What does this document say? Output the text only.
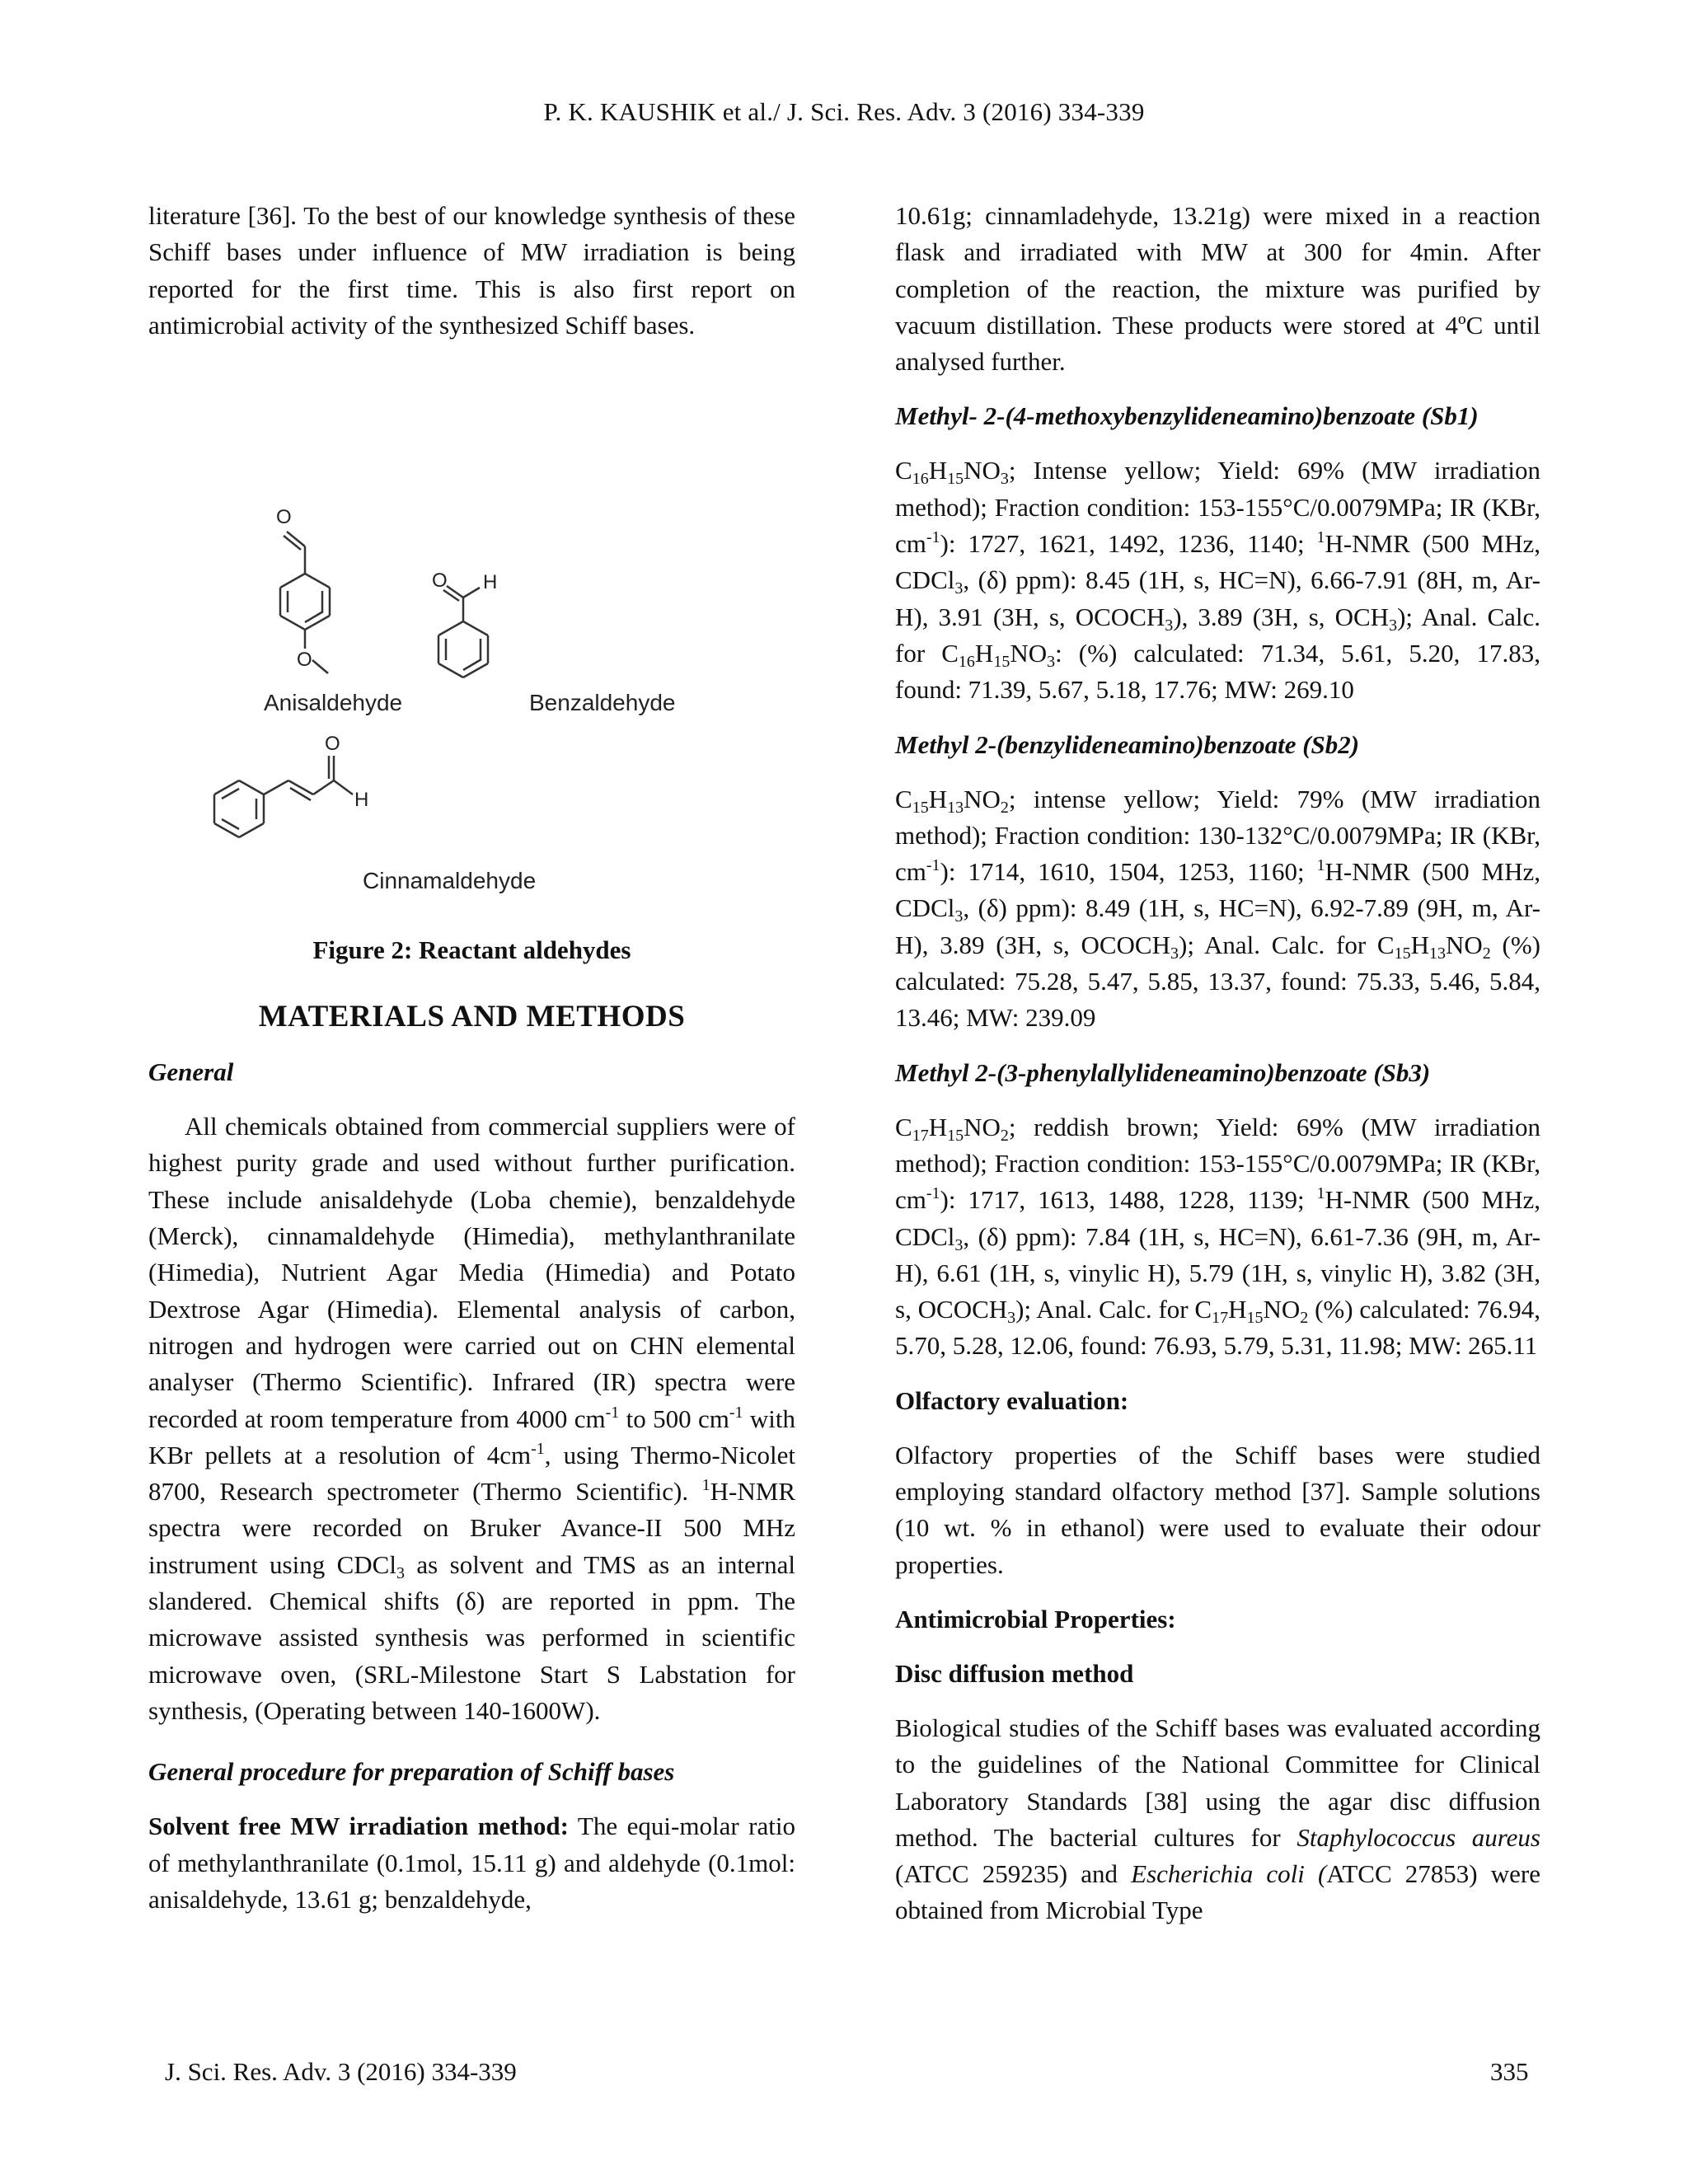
P. K. KAUSHIK et al./ J. Sci. Res. Adv. 3 (2016) 334-339

literature [36]. To the best of our knowledge synthesis of these Schiff bases under influence of MW irradiation is being reported for the first time. This is also first report on antimicrobial activity of the synthesized Schiff bases.

O
O
O H
O
H
Anisaldehyde	Benzaldehyde
Cinnamaldehyde

Figure 2: Reactant aldehydes

MATERIALS AND METHODS

General

All chemicals obtained from commercial suppliers were of highest purity grade and used without further purification. These include anisaldehyde (Loba chemie), benzaldehyde (Merck), cinnamaldehyde (Himedia), methylanthranilate (Himedia), Nutrient Agar Media (Himedia) and Potato Dextrose Agar (Himedia). Elemental analysis of carbon, nitrogen and hydrogen were carried out on CHN elemental analyser (Thermo Scientific). Infrared (IR) spectra were recorded at room temperature from 4000 $cm^{-1}$ to 500 $cm^{-1}$ with KBr pellets at a resolution of $4cm^{-1}$, using Thermo-Nicolet 8700, Research spectrometer (Thermo Scientific). $^1$H-NMR spectra were recorded on Bruker Avance-II 500 MHz instrument using CDCl$_3$ as solvent and TMS as an internal slandered. Chemical shifts (δ) are reported in ppm. The microwave assisted synthesis was performed in scientific microwave oven, (SRL-Milestone Start S Labstation for synthesis, (Operating between 140-1600W).

General procedure for preparation of Schiff bases

Solvent free MW irradiation method: The equi-molar ratio of methylanthranilate (0.1mol, 15.11 g) and aldehyde (0.1mol: anisaldehyde, 13.61 g; benzaldehyde,

10.61g; cinnamladehyde, 13.21g) were mixed in a reaction flask and irradiated with MW at 300 for 4min. After completion of the reaction, the mixture was purified by vacuum distillation. These products were stored at 4ºC until analysed further.

Methyl- 2-(4-methoxybenzylideneamino)benzoate (Sb1)

$C_{16}H_{15}NO_3$; Intense yellow; Yield: 69% (MW irradiation method); Fraction condition: 153-155°C/0.0079MPa; IR (KBr, $cm^{-1}$): 1727, 1621, 1492, 1236, 1140; $^1$H-NMR (500 MHz, CDCl$_3$, (δ) ppm): 8.45 (1H, s, HC=N), 6.66-7.91 (8H, m, Ar-H), 3.91 (3H, s, $OCOCH_3$), 3.89 (3H, s, $OCH_3$); Anal. Calc. for $C_{16}H_{15}NO_3$: (%) calculated: 71.34, 5.61, 5.20, 17.83, found: 71.39, 5.67, 5.18, 17.76; MW: 269.10

Methyl 2-(benzylideneamino)benzoate (Sb2)

$C_{15}H_{13}NO_2$; intense yellow; Yield: 79% (MW irradiation method); Fraction condition: 130-132°C/0.0079MPa; IR (KBr, $cm^{-1}$): 1714, 1610, 1504, 1253, 1160; $^1$H-NMR (500 MHz, CDCl$_3$, (δ) ppm): 8.49 (1H, s, HC=N), 6.92-7.89 (9H, m, Ar-H), 3.89 (3H, s, $OCOCH_3$); Anal. Calc. for $C_{15}H_{13}NO_2$ (%) calculated: 75.28, 5.47, 5.85, 13.37, found: 75.33, 5.46, 5.84, 13.46; MW: 239.09

Methyl 2-(3-phenylallylideneamino)benzoate (Sb3)

$C_{17}H_{15}NO_2$; reddish brown; Yield: 69% (MW irradiation method); Fraction condition: 153-155°C/0.0079MPa; IR (KBr, $cm^{-1}$): 1717, 1613, 1488, 1228, 1139; $^1$H-NMR (500 MHz, CDCl$_3$, (δ) ppm): 7.84 (1H, s, HC=N), 6.61-7.36 (9H, m, Ar-H), 6.61 (1H, s, vinylic H), 5.79 (1H, s, vinylic H), 3.82 (3H, s, $OCOCH_3$); Anal. Calc. for $C_{17}H_{15}NO_2$ (%) calculated: 76.94, 5.70, 5.28, 12.06, found: 76.93, 5.79, 5.31, 11.98; MW: 265.11

Olfactory evaluation:

Olfactory properties of the Schiff bases were studied employing standard olfactory method [37]. Sample solutions (10 wt. % in ethanol) were used to evaluate their odour properties.

Antimicrobial Properties:

Disc diffusion method

Biological studies of the Schiff bases was evaluated according to the guidelines of the National Committee for Clinical Laboratory Standards [38] using the agar disc diffusion method. The bacterial cultures for Staphylococcus aureus (ATCC 259235) and Escherichia coli (ATCC 27853) were obtained from Microbial Type

J. Sci. Res. Adv. 3 (2016) 334-339	335
